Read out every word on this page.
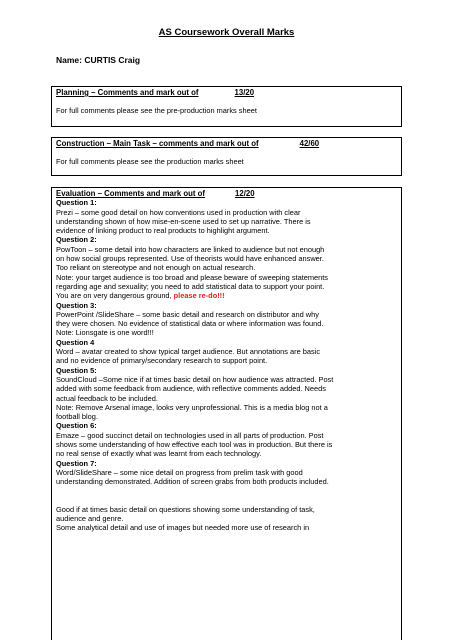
AS Coursework Overall Marks
Name: CURTIS Craig
Planning – Comments and mark out of	13/20
For full comments please see the pre-production marks sheet
Construction – Main Task – comments and mark out of	42/60
For full comments please see the production marks sheet
Evaluation – Comments and mark out of	12/20
Question 1:
Prezi – some good detail on how conventions used in production with clear
understanding shown of how mise-en-scene used to set up narrative. There is
evidence of linking product to real products to highlight argument.
Question 2:
PowToon – some detail into how characters are linked to audience but not enough
on how social groups represented. Use of theorists would have enhanced answer.
Too reliant on stereotype and not enough on actual research.
Note: your target audience is too broad and please beware of sweeping statements
regarding age and sexuality; you need to add statistical data to support your point.
You are on very dangerous ground, please re-do!!!
Question 3:
PowerPoint /SlideShare – some basic detail and research on distributor and why
they were chosen. No evidence of statistical data or where information was found.
Note: Lionsgate is one word!!!
Question 4
Word – avatar created to show typical target audience. But annotations are basic
and no evidence of primary/secondary research to support point.
Question 5:
SoundCloud –Some nice if at times basic detail on how audience was attracted. Post
added with some feedback from audience, with reflective comments added. Needs
actual feedback to be included.
Note: Remove Arsenal image, looks very unprofessional. This is a media blog not a
football blog.
Question 6:
Emaze – good succinct detail on technologies used in all parts of production. Post
shows some understanding of how effective each tool was in production. But there is
no real sense of exactly what was learnt from each technology.
Question 7:
Word/SlideShare – some nice detail on progress from prelim task with good
understanding demonstrated. Addition of screen grabs from both products included.
Good if at times basic detail on questions showing some understanding of task,
audience and genre.
Some analytical detail and use of images but needed more use of research in
